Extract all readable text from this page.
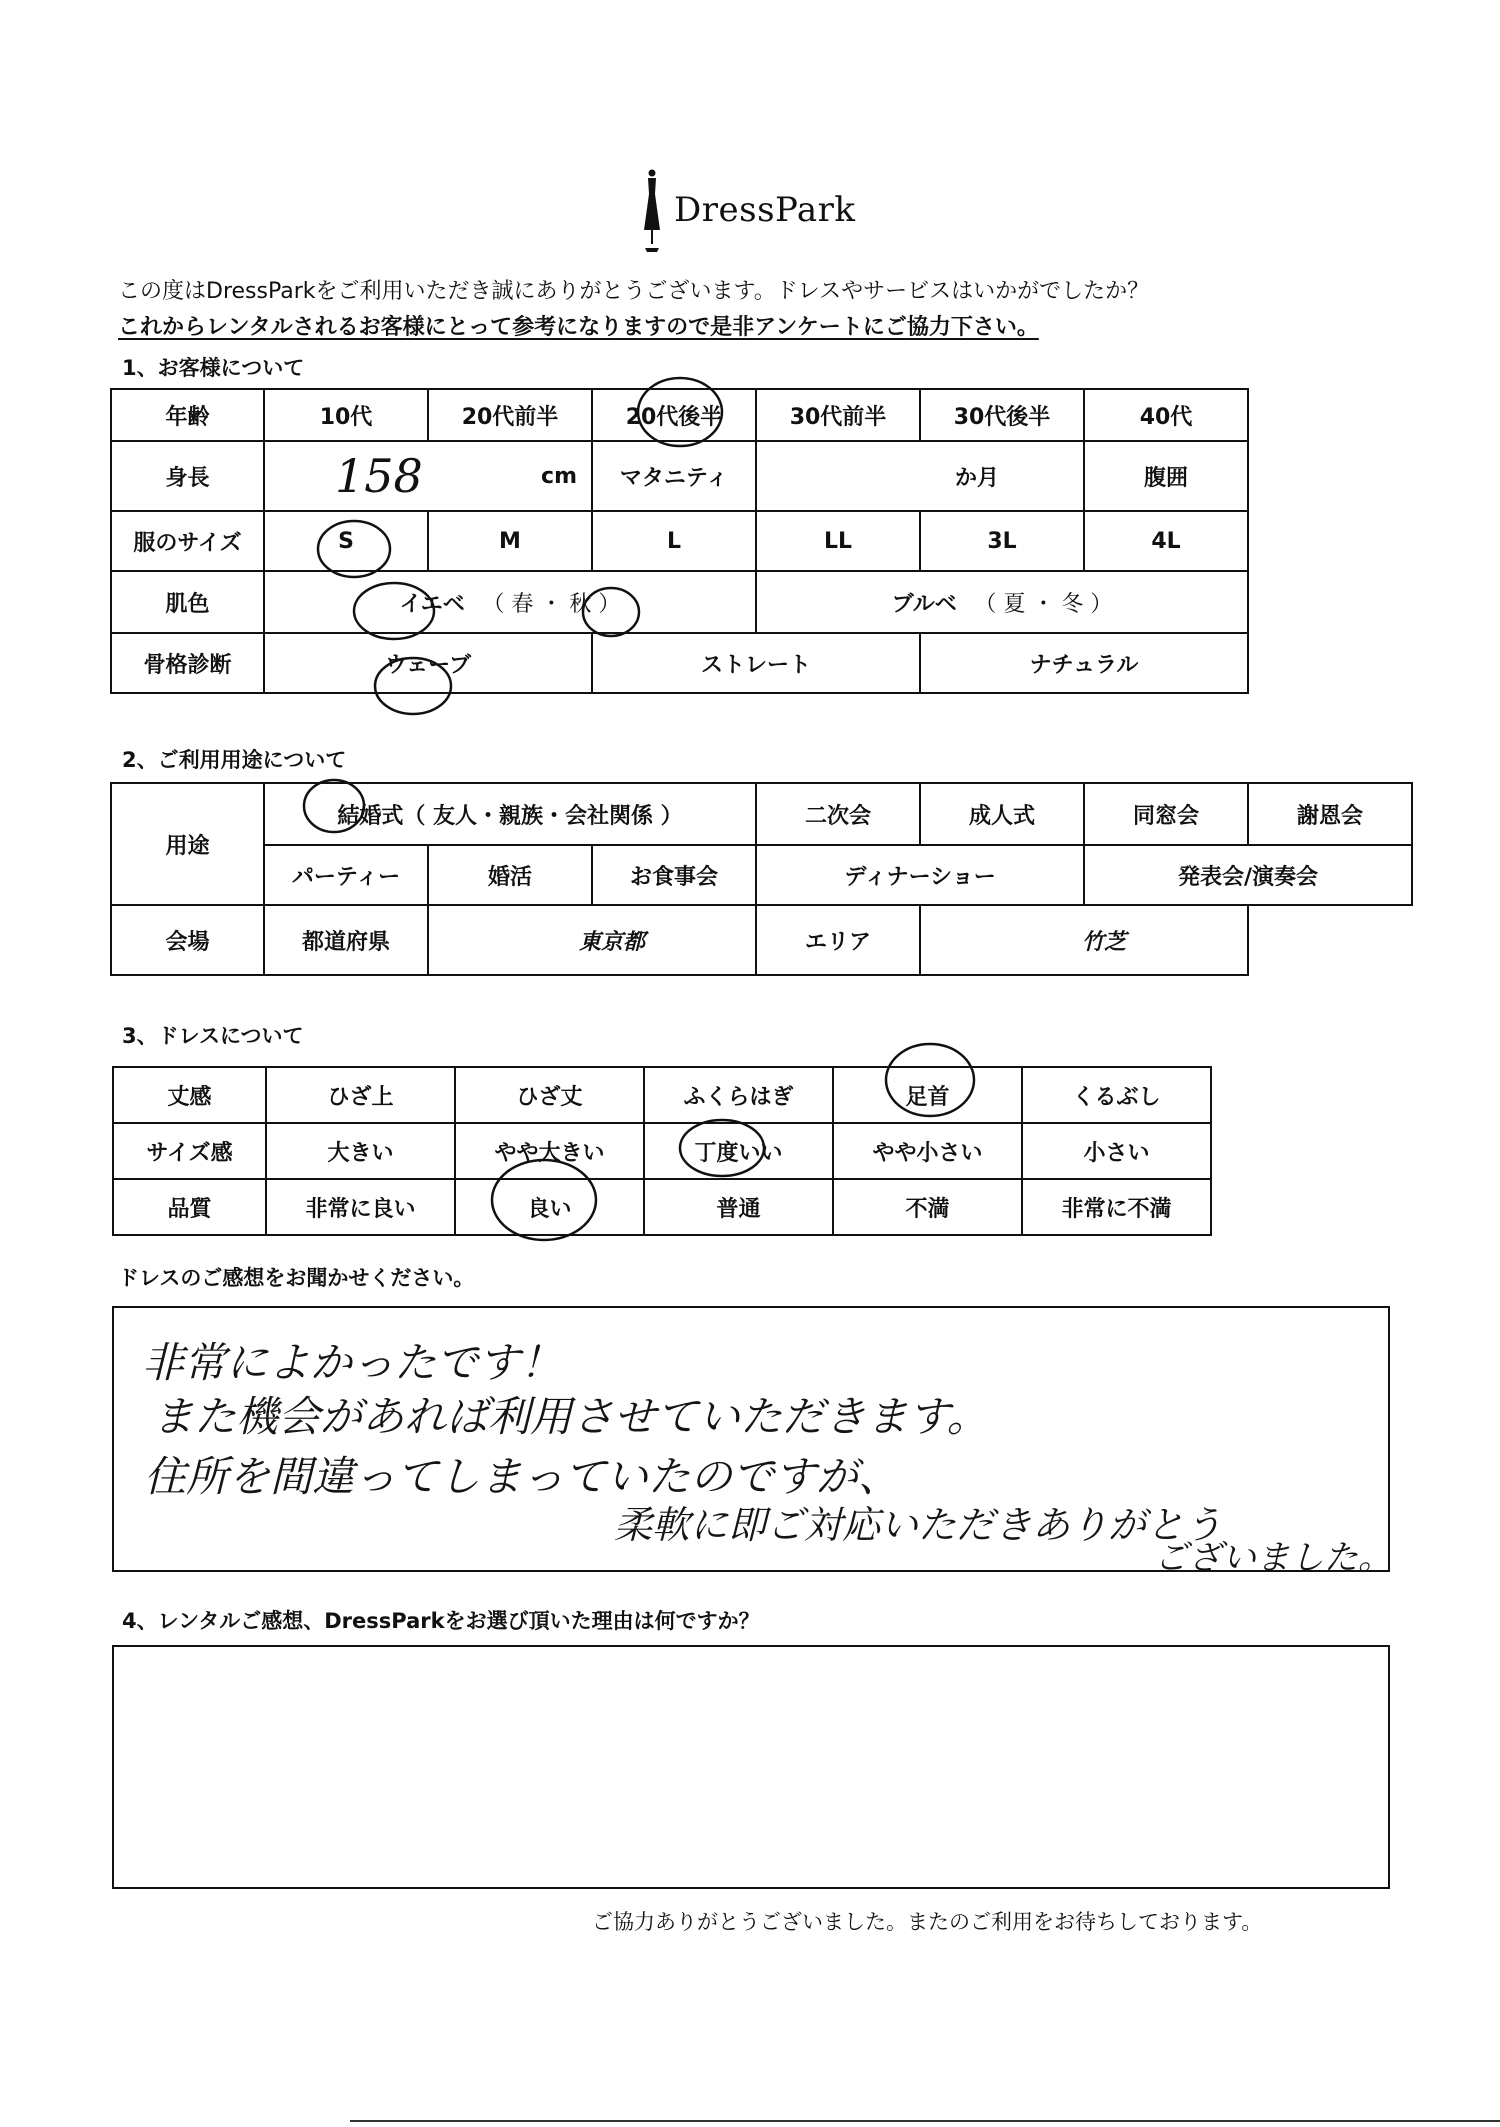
DressPark
この度はDressParkをご利用いただき誠にありがとうございます。ドレスやサービスはいかがでしたか？
これからレンタルされるお客様にとって参考になりますので是非アンケートにご協力下さい。
1、お客様について
年齢	10代	20代前半	20代後半	30代前半	30代後半	40代	
身長	158 cm		マタニティ	か月		腹囲	
服のサイズ	S	M	L	LL	3L	4L	
肌色	イエベ （ 春 ・ 秋 ）			ブルベ （ 夏 ・ 冬 ）			
骨格診断	ウェーブ		ストレート		ナチュラル		
2、ご利用用途について
用途	結婚式（ 友人・親族・会社関係 ）			二次会	成人式	同窓会	謝恩会
	パーティー	婚活	お食事会	ディナーショー		発表会/演奏会	
会場	都道府県	東京都		エリア	竹芝		
3、ドレスについて
丈感	ひざ上	ひざ丈	ふくらはぎ	足首	くるぶし
サイズ感	大きい	やや大きい	丁度いい	やや小さい	小さい
品質	非常に良い	良い	普通	不満	非常に不満
ドレスのご感想をお聞かせください。
非常によかったです！
また機会があれば利用させていただきます。
住所を間違ってしまっていたのですが、
柔軟に即ご対応いただきありがとう
ございました。
4、レンタルご感想、DressParkをお選び頂いた理由は何ですか？
ご協力ありがとうございました。またのご利用をお待ちしております。
